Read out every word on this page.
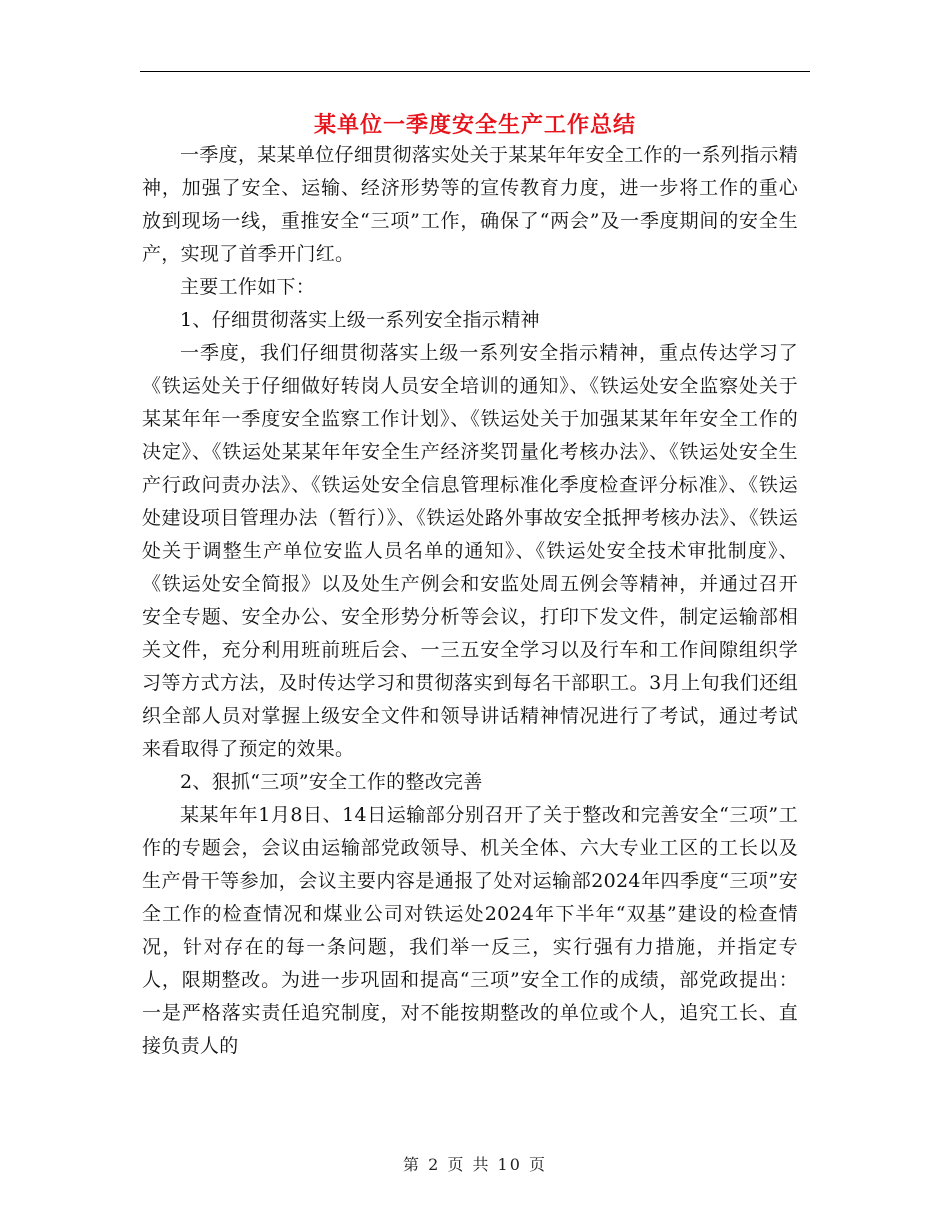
某单位一季度安全生产工作总结

一季度，某某单位仔细贯彻落实处关于某某年年安全工作的一系列指示精神，加强了安全、运输、经济形势等的宣传教育力度，进一步将工作的重心放到现场一线，重推安全“三项”工作，确保了“两会”及一季度期间的安全生产，实现了首季开门红。

主要工作如下：

1、仔细贯彻落实上级一系列安全指示精神

一季度，我们仔细贯彻落实上级一系列安全指示精神，重点传达学习了《铁运处关于仔细做好转岗人员安全培训的通知》、《铁运处安全监察处关于某某年年一季度安全监察工作计划》、《铁运处关于加强某某年年安全工作的决定》、《铁运处某某年年安全生产经济奖罚量化考核办法》、《铁运处安全生产行政问责办法》、《铁运处安全信息管理标准化季度检查评分标准》、《铁运处建设项目管理办法（暂行）》、《铁运处路外事故安全抵押考核办法》、《铁运处关于调整生产单位安监人员名单的通知》、《铁运处安全技术审批制度》、《铁运处安全简报》以及处生产例会和安监处周五例会等精神，并通过召开安全专题、安全办公、安全形势分析等会议，打印下发文件，制定运输部相关文件，充分利用班前班后会、一三五安全学习以及行车和工作间隙组织学习等方式方法，及时传达学习和贯彻落实到每名干部职工。3月上旬我们还组织全部人员对掌握上级安全文件和领导讲话精神情况进行了考试，通过考试来看取得了预定的效果。

2、狠抓“三项”安全工作的整改完善

某某年年1月8日、14日运输部分别召开了关于整改和完善安全“三项”工作的专题会，会议由运输部党政领导、机关全体、六大专业工区的工长以及生产骨干等参加，会议主要内容是通报了处对运输部2024年四季度“三项”安全工作的检查情况和煤业公司对铁运处2024年下半年“双基”建设的检查情况，针对存在的每一条问题，我们举一反三，实行强有力措施，并指定专人，限期整改。为进一步巩固和提高“三项”安全工作的成绩，部党政提出：一是严格落实责任追究制度，对不能按期整改的单位或个人，追究工长、直接负责人的

第 2 页 共 10 页
